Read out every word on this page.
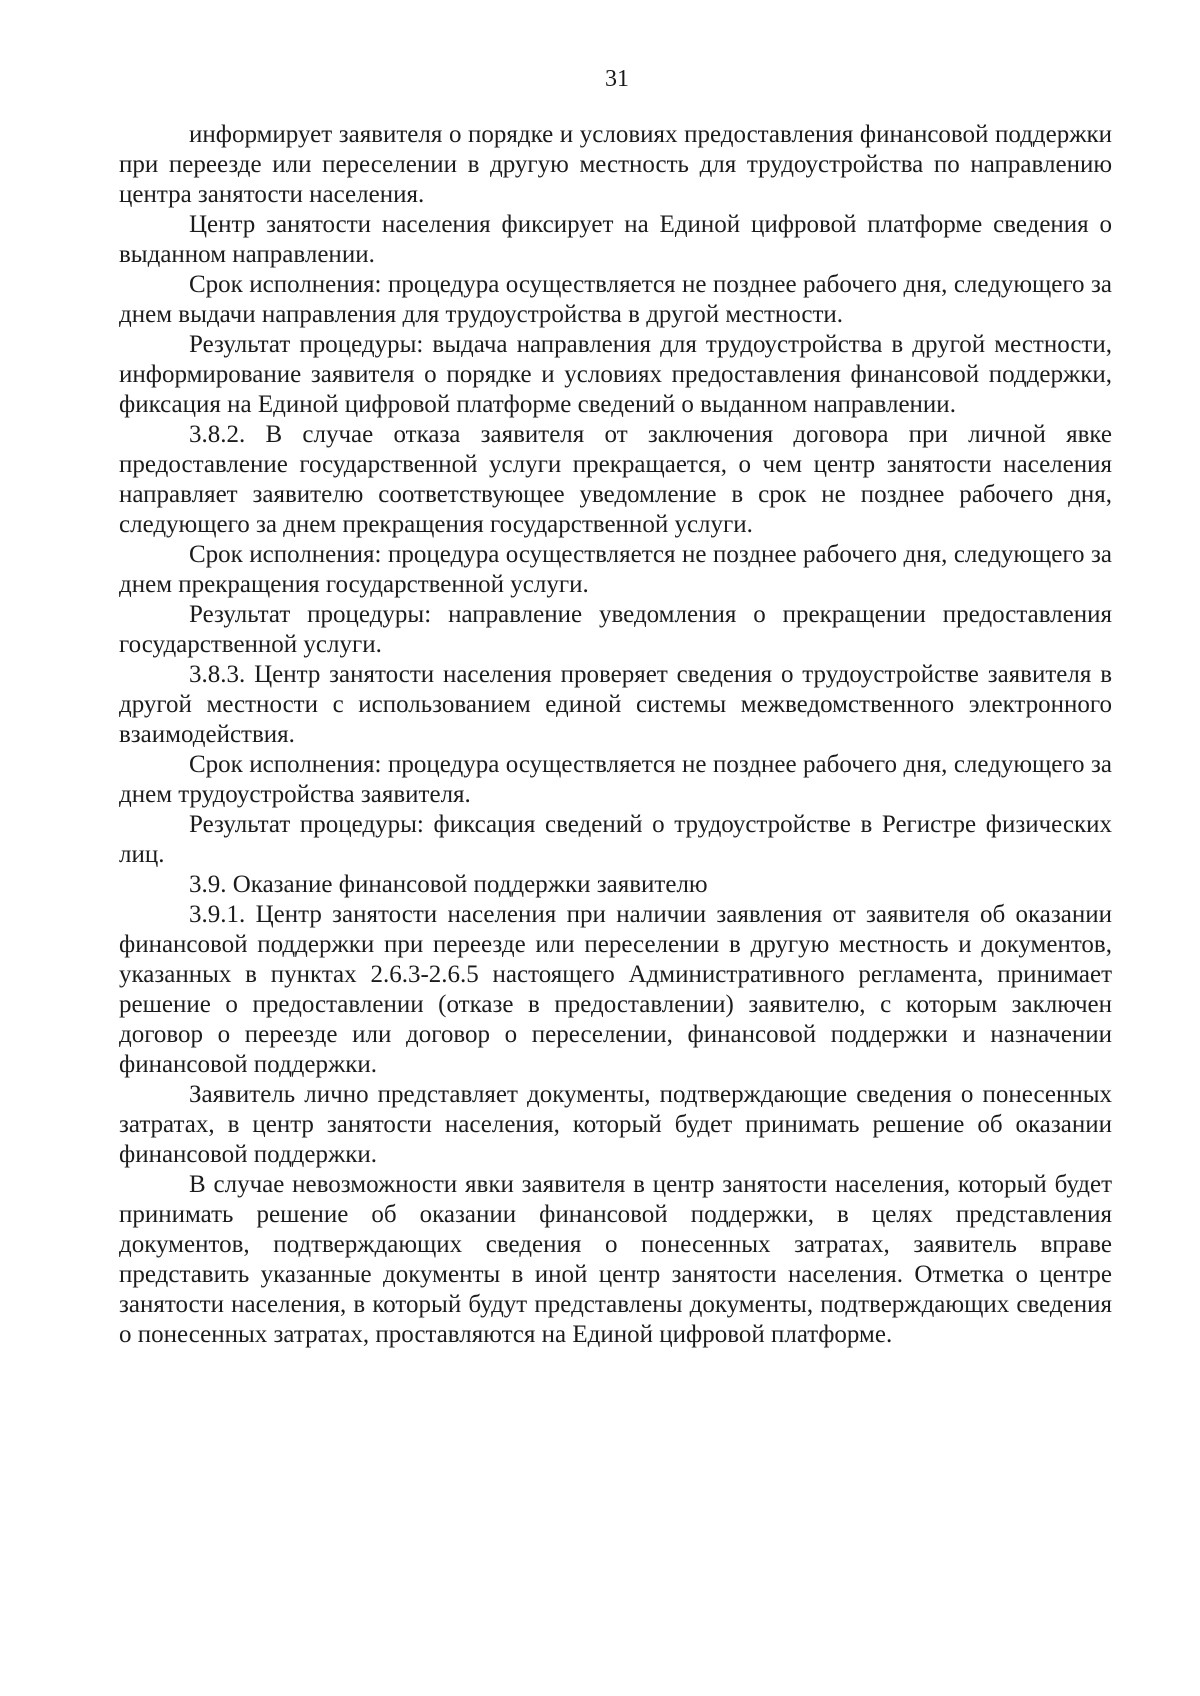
31

информирует заявителя о порядке и условиях предоставления финансовой поддержки при переезде или переселении в другую местность для трудоустройства по направлению центра занятости населения.

Центр занятости населения фиксирует на Единой цифровой платформе сведения о выданном направлении.

Срок исполнения: процедура осуществляется не позднее рабочего дня, следующего за днем выдачи направления для трудоустройства в другой местности.

Результат процедуры: выдача направления для трудоустройства в другой местности, информирование заявителя о порядке и условиях предоставления финансовой поддержки, фиксация на Единой цифровой платформе сведений о выданном направлении.

3.8.2. В случае отказа заявителя от заключения договора при личной явке предоставление государственной услуги прекращается, о чем центр занятости населения направляет заявителю соответствующее уведомление в срок не позднее рабочего дня, следующего за днем прекращения государственной услуги.

Срок исполнения: процедура осуществляется не позднее рабочего дня, следующего за днем прекращения государственной услуги.

Результат процедуры: направление уведомления о прекращении предоставления государственной услуги.

3.8.3. Центр занятости населения проверяет сведения о трудоустройстве заявителя в другой местности с использованием единой системы межведомственного электронного взаимодействия.

Срок исполнения: процедура осуществляется не позднее рабочего дня, следующего за днем трудоустройства заявителя.

Результат процедуры: фиксация сведений о трудоустройстве в Регистре физических лиц.

3.9. Оказание финансовой поддержки заявителю

3.9.1. Центр занятости населения при наличии заявления от заявителя об оказании финансовой поддержки при переезде или переселении в другую местность и документов, указанных в пунктах 2.6.3-2.6.5 настоящего Административного регламента, принимает решение о предоставлении (отказе в предоставлении) заявителю, с которым заключен договор о переезде или договор о переселении, финансовой поддержки и назначении финансовой поддержки.

Заявитель лично представляет документы, подтверждающие сведения о понесенных затратах, в центр занятости населения, который будет принимать решение об оказании финансовой поддержки.

В случае невозможности явки заявителя в центр занятости населения, который будет принимать решение об оказании финансовой поддержки, в целях представления документов, подтверждающих сведения о понесенных затратах, заявитель вправе представить указанные документы в иной центр занятости населения. Отметка о центре занятости населения, в который будут представлены документы, подтверждающих сведения о понесенных затратах, проставляются на Единой цифровой платформе.
